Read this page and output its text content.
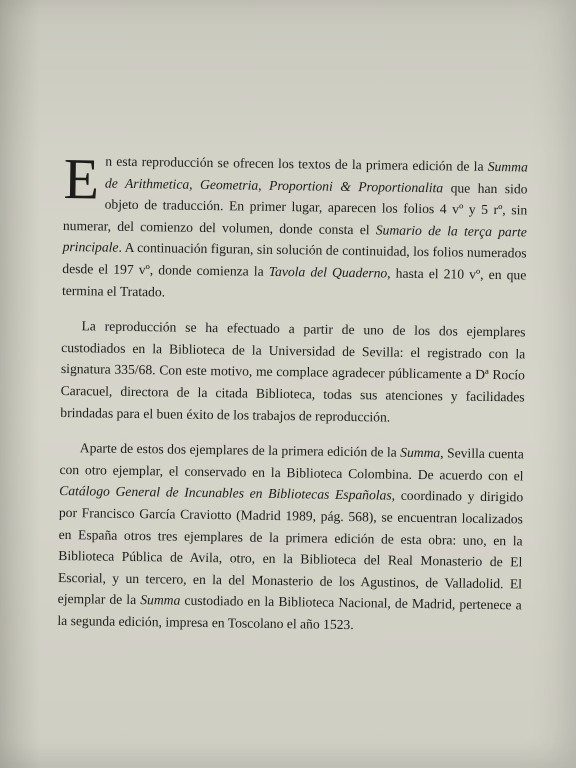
En esta reproducción se ofrecen los textos de la primera edición de la Summa de Arithmetica, Geometria, Proportioni & Proportionalita que han sido objeto de traducción. En primer lugar, aparecen los folios 4 vº y 5 rº, sin numerar, del comienzo del volumen, donde consta el Sumario de la terça parte principale. A continuación figuran, sin solución de continuidad, los folios numerados desde el 197 vº, donde comienza la Tavola del Quaderno, hasta el 210 vº, en que termina el Tratado.

La reproducción se ha efectuado a partir de uno de los dos ejemplares custodiados en la Biblioteca de la Universidad de Sevilla: el registrado con la signatura 335/68. Con este motivo, me complace agradecer públicamente a Dª Rocío Caracuel, directora de la citada Biblioteca, todas sus atenciones y facilidades brindadas para el buen éxito de los trabajos de reproducción.

Aparte de estos dos ejemplares de la primera edición de la Summa, Sevilla cuenta con otro ejemplar, el conservado en la Biblioteca Colombina. De acuerdo con el Catálogo General de Incunables en Bibliotecas Españolas, coordinado y dirigido por Francisco García Craviotto (Madrid 1989, pág. 568), se encuentran localizados en España otros tres ejemplares de la primera edición de esta obra: uno, en la Biblioteca Pública de Avila, otro, en la Biblioteca del Real Monasterio de El Escorial, y un tercero, en la del Monasterio de los Agustinos, de Valladolid. El ejemplar de la Summa custodiado en la Biblioteca Nacional, de Madrid, pertenece a la segunda edición, impresa en Toscolano el año 1523.
